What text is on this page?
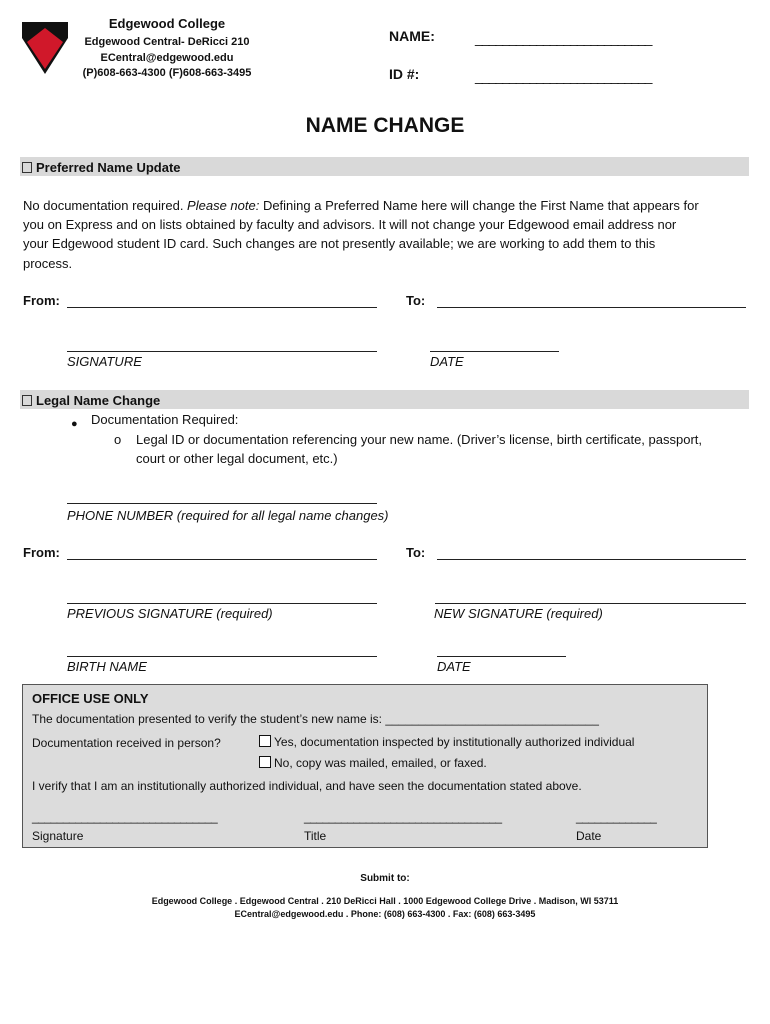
Edgewood College
Edgewood Central- DeRicci 210
ECentral@edgewood.edu
(P)608-663-4300 (F)608-663-3495
NAME:	__________________________
ID #:	__________________________
NAME CHANGE
Preferred Name Update
No documentation required. Please note: Defining a Preferred Name here will change the First Name that appears for
you on Express and on lists obtained by faculty and advisors. It will not change your Edgewood email address nor
your Edgewood student ID card. Such changes are not presently available; we are working to add them to this
process.
From:	To:
SIGNATURE	DATE
Legal Name Change
● Documentation Required:
o Legal ID or documentation referencing your new name. (Driver’s license, birth certificate, passport,
court or other legal document, etc.)
PHONE NUMBER (required for all legal name changes)
From:	To:
PREVIOUS SIGNATURE (required)	NEW SIGNATURE (required)
BIRTH NAME	DATE
OFFICE USE ONLY
The documentation presented to verify the student’s new name is: ________________________________
Documentation received in person?	Yes, documentation inspected by institutionally authorized individual
No, copy was mailed, emailed, or faxed.
I verify that I am an institutionally authorized individual, and have seen the documentation stated above.
______________________________	________________________________	_____________
Signature	Title	Date
Submit to:
Edgewood College . Edgewood Central . 210 DeRicci Hall . 1000 Edgewood College Drive . Madison, WI 53711
ECentral@edgewood.edu . Phone: (608) 663-4300 . Fax: (608) 663-3495
